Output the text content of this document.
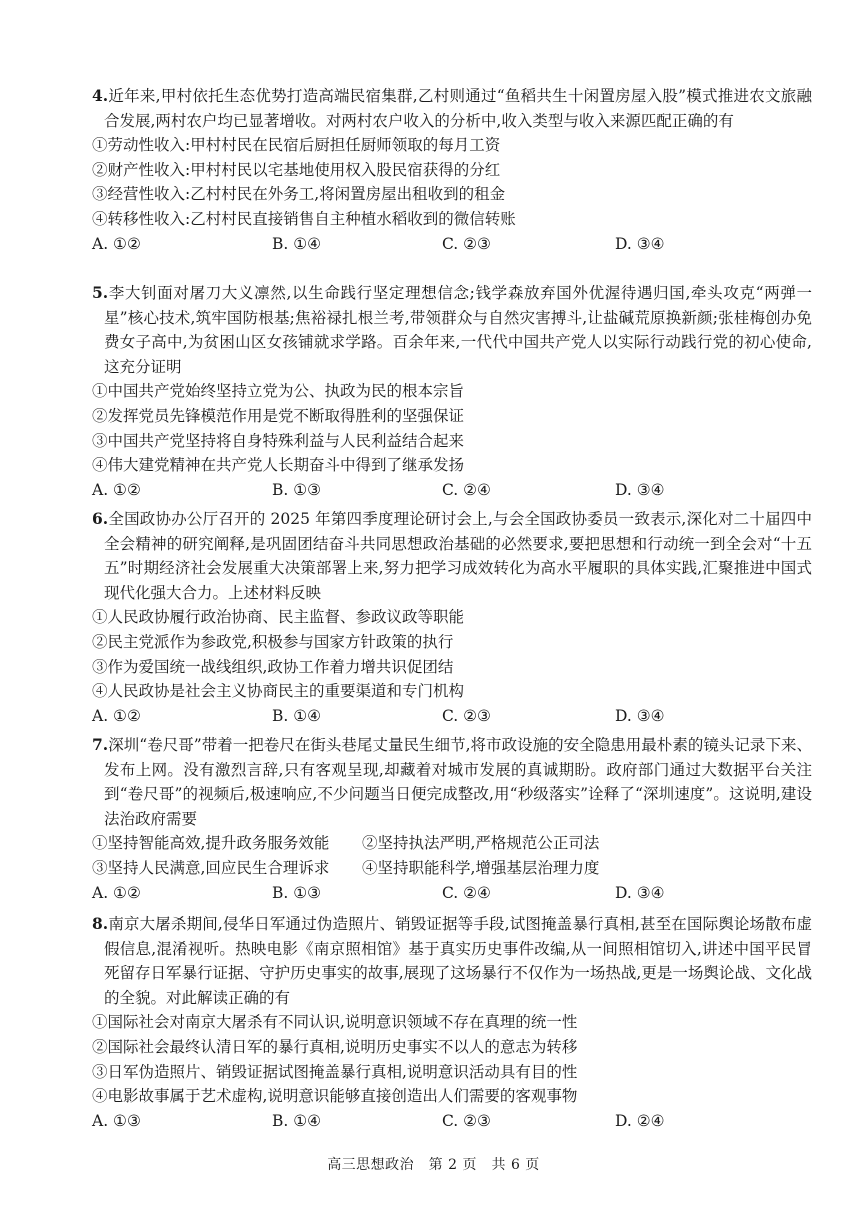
4.近年来,甲村依托生态优势打造高端民宿集群,乙村则通过“鱼稻共生十闲置房屋入股”模式推进农文旅融合发展,两村农户均已显著增收。对两村农户收入的分析中,收入类型与收入来源匹配正确的有
①劳动性收入:甲村村民在民宿后厨担任厨师领取的每月工资
②财产性收入:甲村村民以宅基地使用权入股民宿获得的分红
③经营性收入:乙村村民在外务工,将闲置房屋出租收到的租金
④转移性收入:乙村村民直接销售自主种植水稻收到的微信转账
A. ①②	B. ①④	C. ②③	D. ③④
5.李大钊面对屠刀大义凛然,以生命践行坚定理想信念;钱学森放弃国外优渥待遇归国,牵头攻克“两弹一星”核心技术,筑牢国防根基;焦裕禄扎根兰考,带领群众与自然灾害搏斗,让盐碱荒原换新颜;张桂梅创办免费女子高中,为贫困山区女孩铺就求学路。百余年来,一代代中国共产党人以实际行动践行党的初心使命,这充分证明
①中国共产党始终坚持立党为公、执政为民的根本宗旨
②发挥党员先锋模范作用是党不断取得胜利的坚强保证
③中国共产党坚持将自身特殊利益与人民利益结合起来
④伟大建党精神在共产党人长期奋斗中得到了继承发扬
A. ①②	B. ①③	C. ②④	D. ③④
6.全国政协办公厅召开的 2025 年第四季度理论研讨会上,与会全国政协委员一致表示,深化对二十届四中全会精神的研究阐释,是巩固团结奋斗共同思想政治基础的必然要求,要把思想和行动统一到全会对“十五五”时期经济社会发展重大决策部署上来,努力把学习成效转化为高水平履职的具体实践,汇聚推进中国式现代化强大合力。上述材料反映
①人民政协履行政治协商、民主监督、参政议政等职能
②民主党派作为参政党,积极参与国家方针政策的执行
③作为爱国统一战线组织,政协工作着力增共识促团结
④人民政协是社会主义协商民主的重要渠道和专门机构
A. ①②	B. ①④	C. ②③	D. ③④
7.深圳“卷尺哥”带着一把卷尺在街头巷尾丈量民生细节,将市政设施的安全隐患用最朴素的镜头记录下来、发布上网。没有激烈言辞,只有客观呈现,却藏着对城市发展的真诚期盼。政府部门通过大数据平台关注到“卷尺哥”的视频后,极速响应,不少问题当日便完成整改,用“秒级落实”诠释了“深圳速度”。这说明,建设法治政府需要
①坚持智能高效,提升政务服务效能 ②坚持执法严明,严格规范公正司法
③坚持人民满意,回应民生合理诉求 ④坚持职能科学,增强基层治理力度
A. ①②	B. ①③	C. ②④	D. ③④
8.南京大屠杀期间,侵华日军通过伪造照片、销毁证据等手段,试图掩盖暴行真相,甚至在国际舆论场散布虚假信息,混淆视听。热映电影《南京照相馆》基于真实历史事件改编,从一间照相馆切入,讲述中国平民冒死留存日军暴行证据、守护历史事实的故事,展现了这场暴行不仅作为一场热战,更是一场舆论战、文化战的全貌。对此解读正确的有
①国际社会对南京大屠杀有不同认识,说明意识领域不存在真理的统一性
②国际社会最终认清日军的暴行真相,说明历史事实不以人的意志为转移
③日军伪造照片、销毁证据试图掩盖暴行真相,说明意识活动具有目的性
④电影故事属于艺术虚构,说明意识能够直接创造出人们需要的客观事物
A. ①③	B. ①④	C. ②③	D. ②④
高三思想政治　第 2 页　共 6 页
